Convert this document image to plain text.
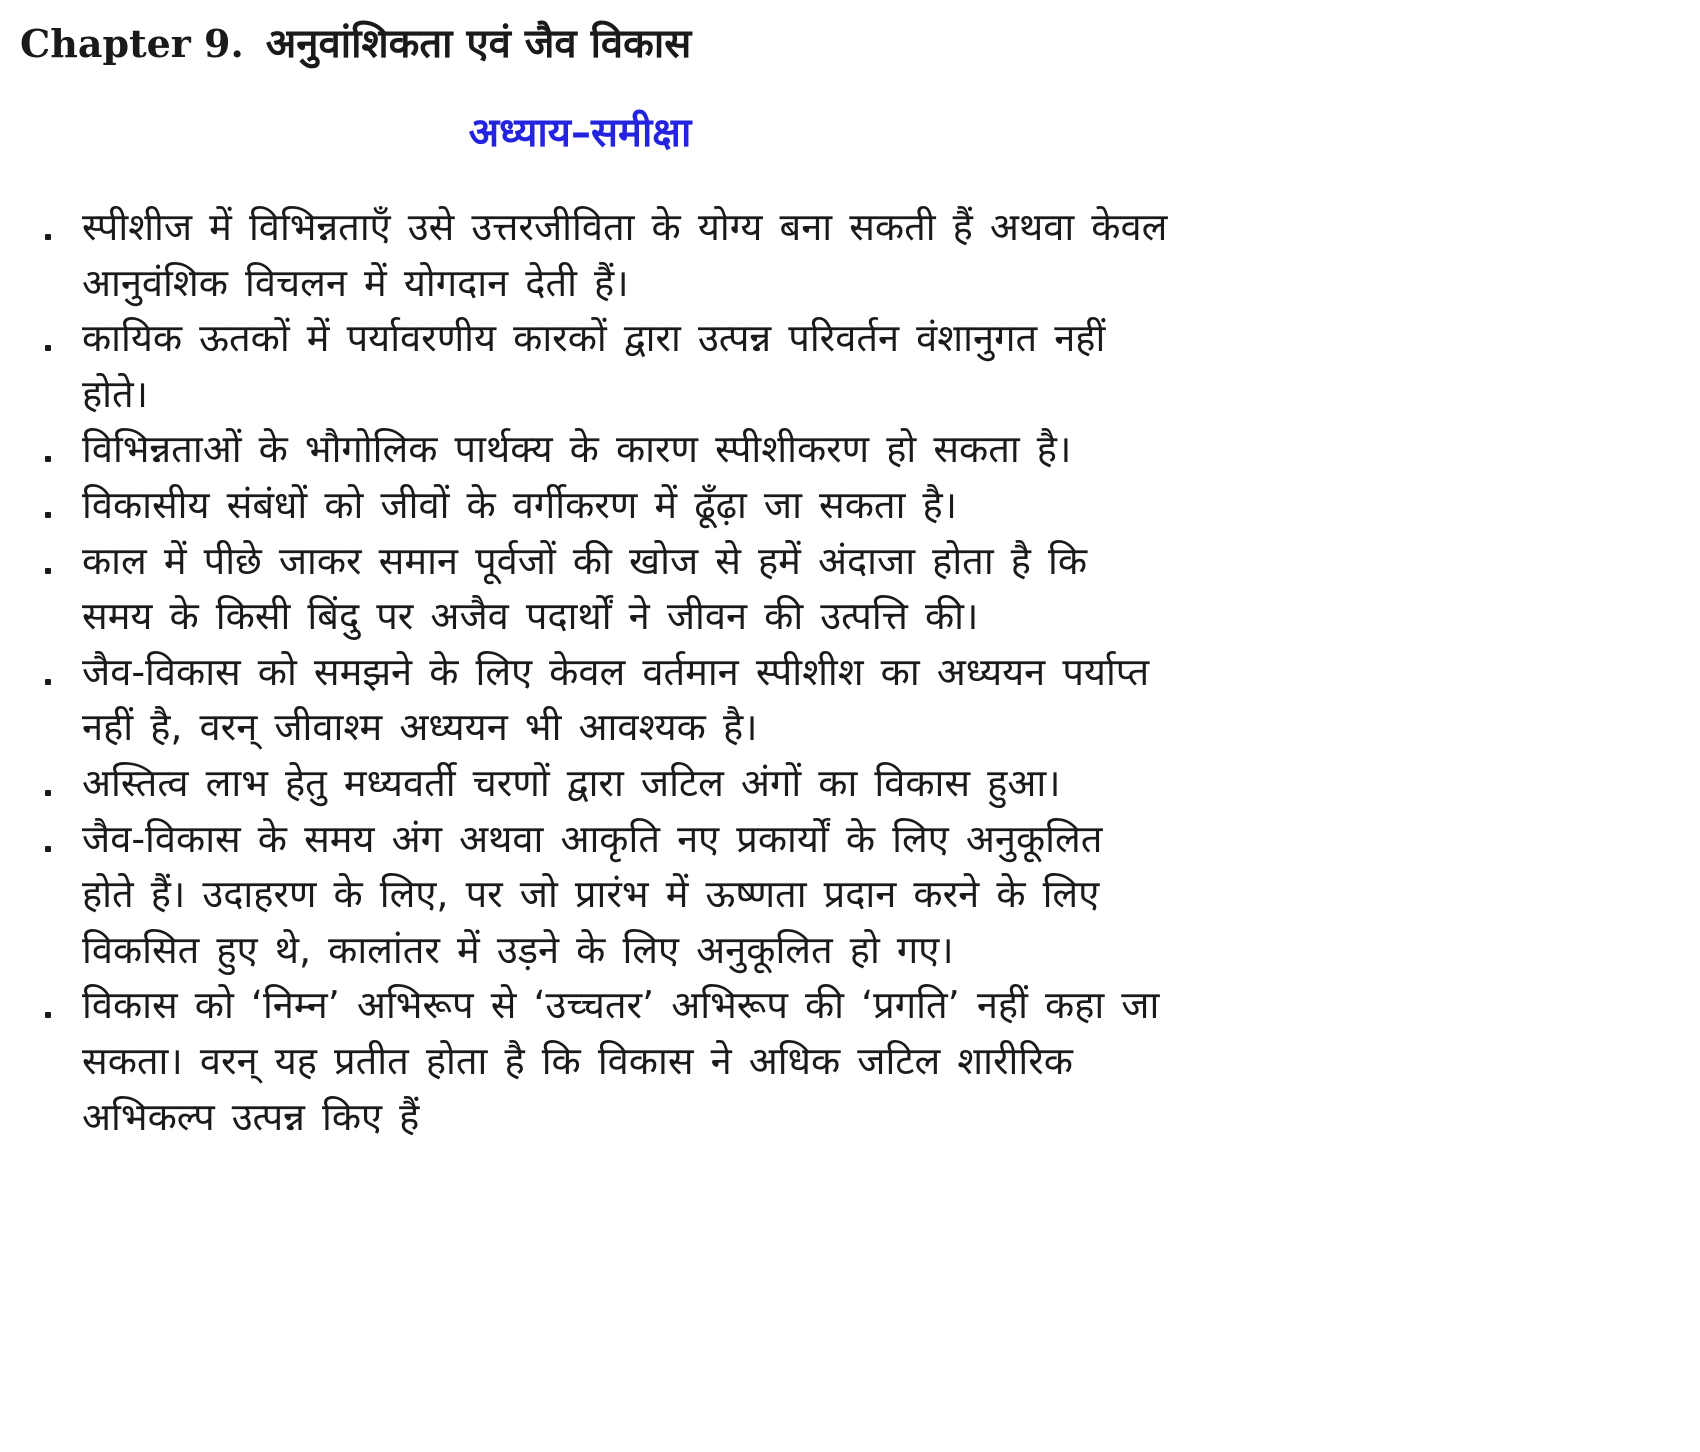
Chapter 9. अनुवांशिकता एवं जैव विकास
अध्याय–समीक्षा
स्पीशीज में विभिन्नताएँ उसे उत्तरजीविता के योग्य बना सकती हैं अथवा केवल आनुवंशिक विचलन में योगदान देती हैं।
कायिक ऊतकों में पर्यावरणीय कारकों द्वारा उत्पन्न परिवर्तन वंशानुगत नहीं होते।
विभिन्नताओं के भौगोलिक पार्थक्य के कारण स्पीशीकरण हो सकता है।
विकासीय संबंधों को जीवों के वर्गीकरण में ढूँढ़ा जा सकता है।
काल में पीछे जाकर समान पूर्वजों की खोज से हमें अंदाजा होता है कि समय के किसी बिंदु पर अजैव पदार्थों ने जीवन की उत्पत्ति की।
जैव-विकास को समझने के लिए केवल वर्तमान स्पीशीश का अध्ययन पर्याप्त नहीं है, वरन् जीवाश्म अध्ययन भी आवश्यक है।
अस्तित्व लाभ हेतु मध्यवर्ती चरणों द्वारा जटिल अंगों का विकास हुआ।
जैव-विकास के समय अंग अथवा आकृति नए प्रकार्यों के लिए अनुकूलित होते हैं। उदाहरण के लिए, पर जो प्रारंभ में ऊष्णता प्रदान करने के लिए विकसित हुए थे, कालांतर में उड़ने के लिए अनुकूलित हो गए।
विकास को ‘निम्न’ अभिरूप से ‘उच्चतर’ अभिरूप की ‘प्रगति’ नहीं कहा जा सकता। वरन् यह प्रतीत होता है कि विकास ने अधिक जटिल शारीरिक अभिकल्प उत्पन्न किए हैं
